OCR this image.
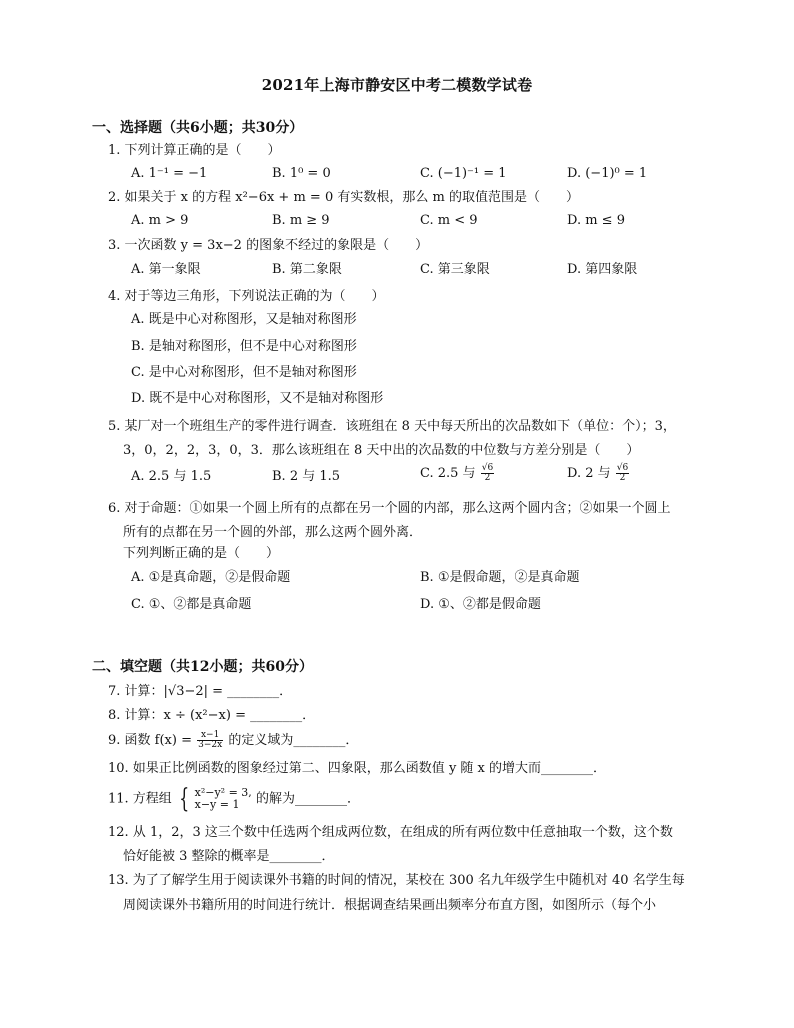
2021年上海市静安区中考二模数学试卷
一、选择题（共6小题；共30分）
1. 下列计算正确的是（　　）
A. 1⁻¹ = −1	B. 1⁰ = 0	C. (−1)⁻¹ = 1	D. (−1)⁰ = 1
2. 如果关于 x 的方程 x²−6x + m = 0 有实数根，那么 m 的取值范围是（　　）
A. m > 9	B. m ≥ 9	C. m < 9	D. m ≤ 9
3. 一次函数 y = 3x−2 的图象不经过的象限是（　　）
A. 第一象限	B. 第二象限	C. 第三象限	D. 第四象限
4. 对于等边三角形，下列说法正确的为（　　）
A. 既是中心对称图形，又是轴对称图形
B. 是轴对称图形，但不是中心对称图形
C. 是中心对称图形，但不是轴对称图形
D. 既不是中心对称图形，又不是轴对称图形
5. 某厂对一个班组生产的零件进行调查．该班组在 8 天中每天所出的次品数如下（单位：个）；3，
3，0，2，2，3，0，3．那么该班组在 8 天中出的次品数的中位数与方差分别是（　　）
A. 2.5 与 1.5	B. 2 与 1.5	C. 2.5 与 $\frac{√6}{2}$	D. 2 与 $\frac{√6}{2}$
6. 对于命题：①如果一个圆上所有的点都在另一个圆的内部，那么这两个圆内含；②如果一个圆上
所有的点都在另一个圆的外部，那么这两个圆外离．
下列判断正确的是（　　）
A. ①是真命题，②是假命题	B. ①是假命题，②是真命题
C. ①、②都是真命题	D. ①、②都是假命题
二、填空题（共12小题；共60分）
7. 计算：|√3−2| = ________．
8. 计算：x ÷ (x²−x) = ________．
9. 函数 $f(x) = \frac{x-1}{3-2x}$ 的定义域为________．
10. 如果正比例函数的图象经过第二、四象限，那么函数值 y 随 x 的增大而________．
11. 方程组 { x²−y² = 3,
x−y = 1	的解为________．
12. 从 1，2，3 这三个数中任选两个组成两位数，在组成的所有两位数中任意抽取一个数，这个数
恰好能被 3 整除的概率是________．
13. 为了了解学生用于阅读课外书籍的时间的情况，某校在 300 名九年级学生中随机对 40 名学生每
周阅读课外书籍所用的时间进行统计．根据调查结果画出频率分布直方图，如图所示（每个小
